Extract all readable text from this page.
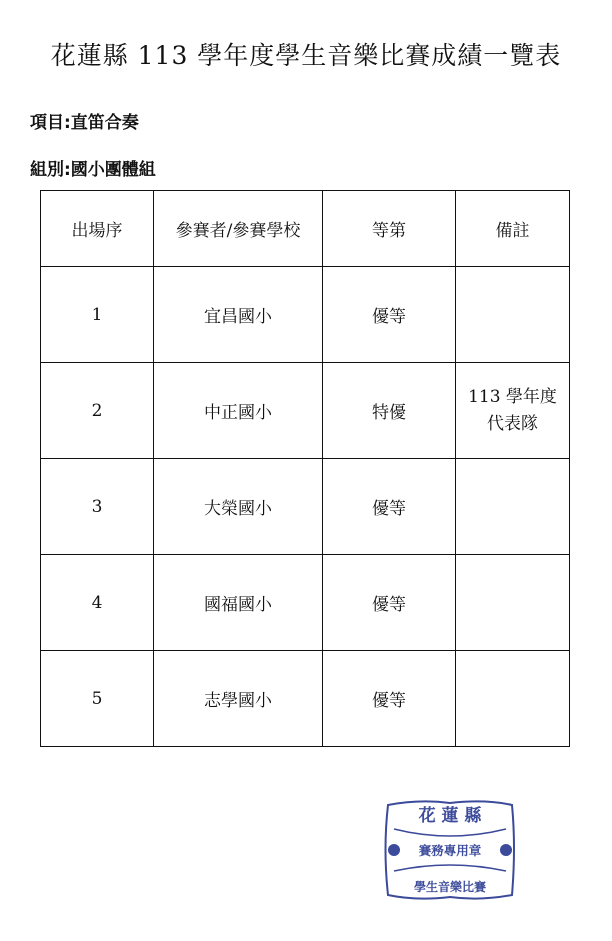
花蓮縣 113 學年度學生音樂比賽成績一覽表
項目:直笛合奏
組別:國小團體組
出場序	參賽者/參賽學校	等第	備註
1	宜昌國小	優等	

2	中正國小	特優	113 學年度
代表隊

3	大榮國小	優等	

4	國福國小	優等	

5	志學國小	優等	
花 蓮 縣
賽務專用章
學生音樂比賽
